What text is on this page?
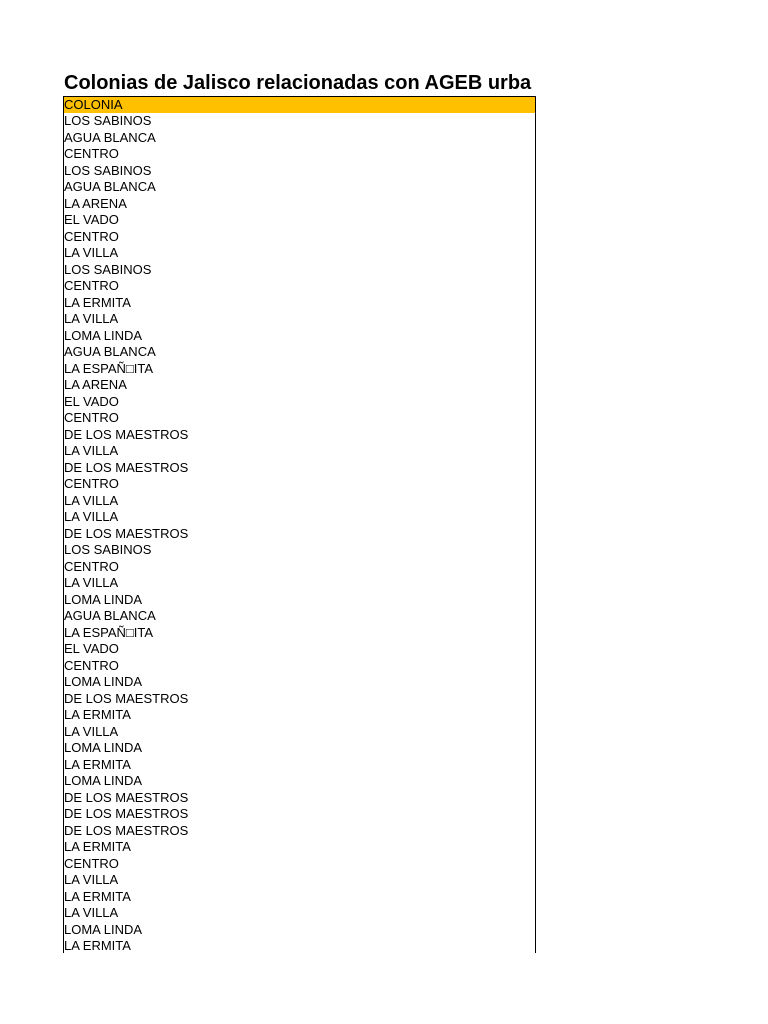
Colonias de Jalisco relacionadas con AGEB urba
COLONIA
LOS SABINOS
AGUA BLANCA
CENTRO
LOS SABINOS
AGUA BLANCA
LA ARENA
EL VADO
CENTRO
LA VILLA
LOS SABINOS
CENTRO
LA ERMITA
LA VILLA
LOMA LINDA
AGUA BLANCA
LA ESPAÑ□ITA
LA ARENA
EL VADO
CENTRO
DE LOS MAESTROS
LA VILLA
DE LOS MAESTROS
CENTRO
LA VILLA
LA VILLA
DE LOS MAESTROS
LOS SABINOS
CENTRO
LA VILLA
LOMA LINDA
AGUA BLANCA
LA ESPAÑ□ITA
EL VADO
CENTRO
LOMA LINDA
DE LOS MAESTROS
LA ERMITA
LA VILLA
LOMA LINDA
LA ERMITA
LOMA LINDA
DE LOS MAESTROS
DE LOS MAESTROS
DE LOS MAESTROS
LA ERMITA
CENTRO
LA VILLA
LA ERMITA
LA VILLA
LOMA LINDA
LA ERMITA
